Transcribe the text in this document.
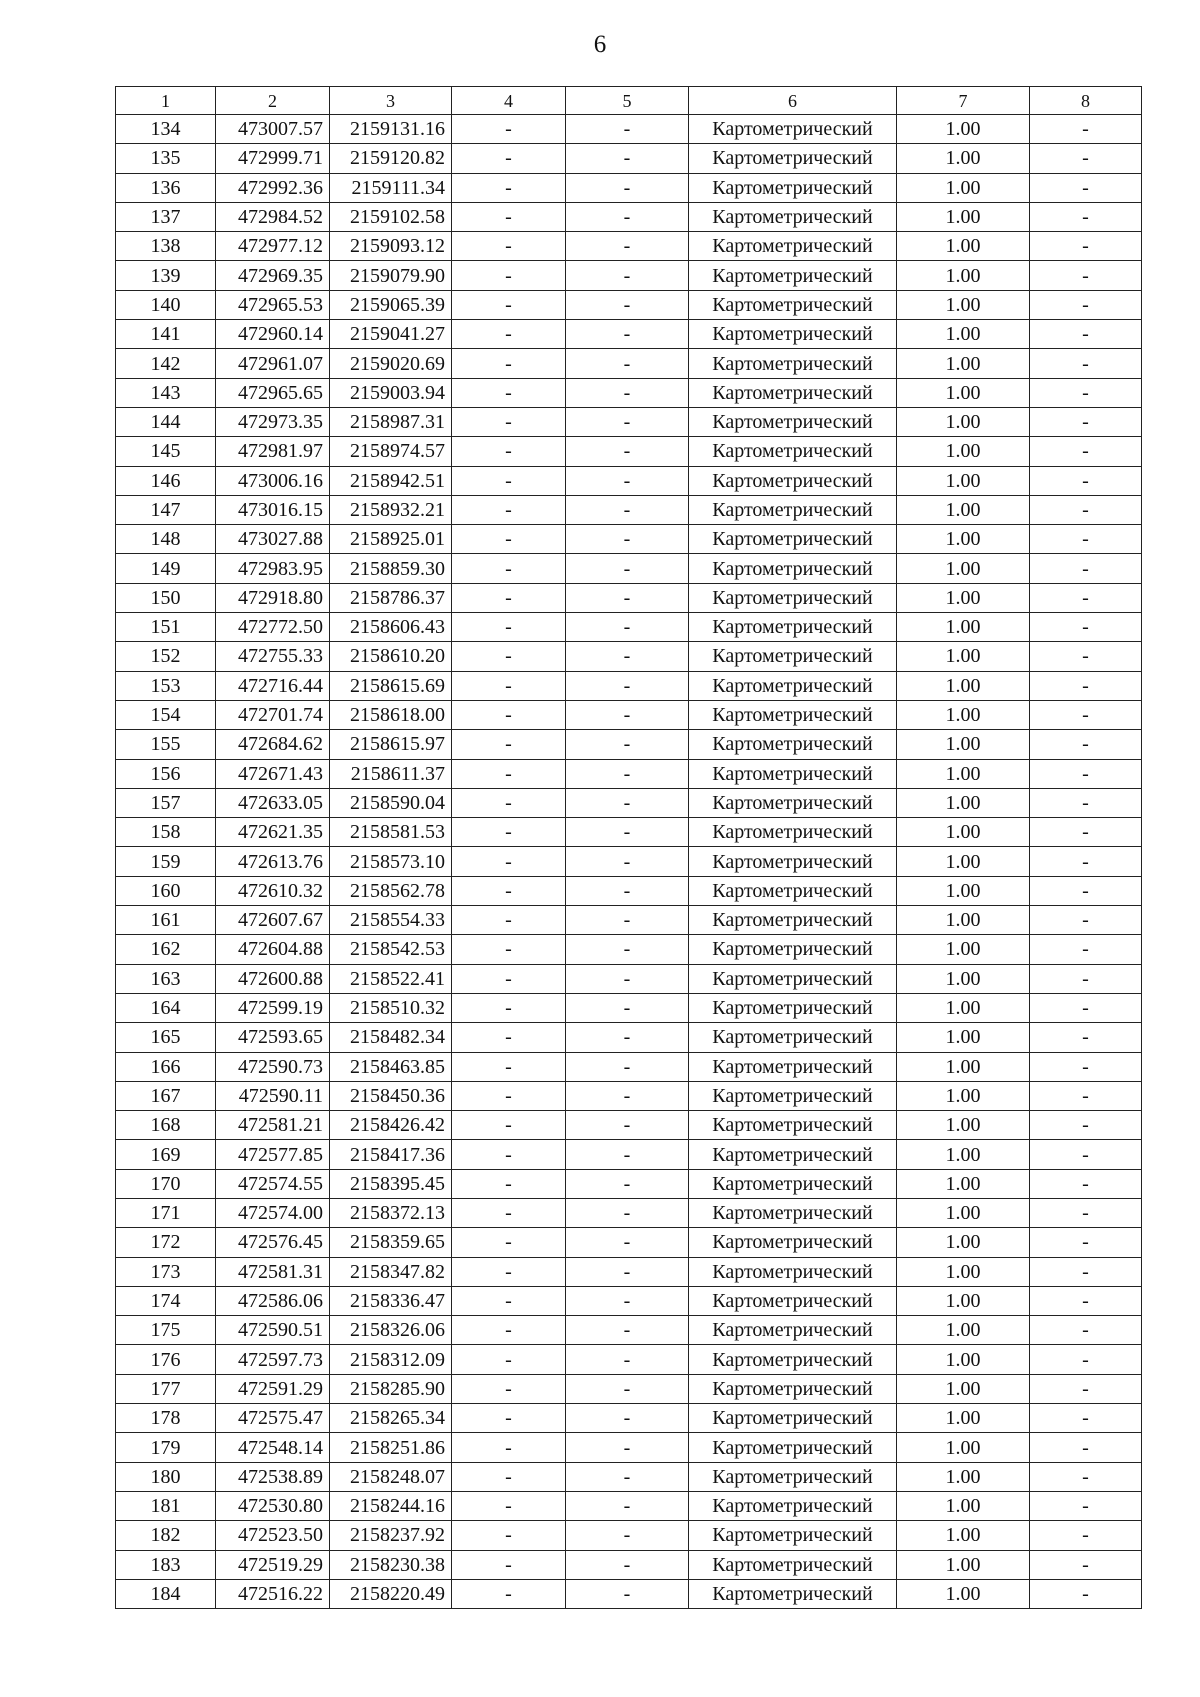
6
1	2	3	4	5	6	7	8
134	473007.57	2159131.16	-	-	Картометрический	1.00	-
135	472999.71	2159120.82	-	-	Картометрический	1.00	-
136	472992.36	2159111.34	-	-	Картометрический	1.00	-
137	472984.52	2159102.58	-	-	Картометрический	1.00	-
138	472977.12	2159093.12	-	-	Картометрический	1.00	-
139	472969.35	2159079.90	-	-	Картометрический	1.00	-
140	472965.53	2159065.39	-	-	Картометрический	1.00	-
141	472960.14	2159041.27	-	-	Картометрический	1.00	-
142	472961.07	2159020.69	-	-	Картометрический	1.00	-
143	472965.65	2159003.94	-	-	Картометрический	1.00	-
144	472973.35	2158987.31	-	-	Картометрический	1.00	-
145	472981.97	2158974.57	-	-	Картометрический	1.00	-
146	473006.16	2158942.51	-	-	Картометрический	1.00	-
147	473016.15	2158932.21	-	-	Картометрический	1.00	-
148	473027.88	2158925.01	-	-	Картометрический	1.00	-
149	472983.95	2158859.30	-	-	Картометрический	1.00	-
150	472918.80	2158786.37	-	-	Картометрический	1.00	-
151	472772.50	2158606.43	-	-	Картометрический	1.00	-
152	472755.33	2158610.20	-	-	Картометрический	1.00	-
153	472716.44	2158615.69	-	-	Картометрический	1.00	-
154	472701.74	2158618.00	-	-	Картометрический	1.00	-
155	472684.62	2158615.97	-	-	Картометрический	1.00	-
156	472671.43	2158611.37	-	-	Картометрический	1.00	-
157	472633.05	2158590.04	-	-	Картометрический	1.00	-
158	472621.35	2158581.53	-	-	Картометрический	1.00	-
159	472613.76	2158573.10	-	-	Картометрический	1.00	-
160	472610.32	2158562.78	-	-	Картометрический	1.00	-
161	472607.67	2158554.33	-	-	Картометрический	1.00	-
162	472604.88	2158542.53	-	-	Картометрический	1.00	-
163	472600.88	2158522.41	-	-	Картометрический	1.00	-
164	472599.19	2158510.32	-	-	Картометрический	1.00	-
165	472593.65	2158482.34	-	-	Картометрический	1.00	-
166	472590.73	2158463.85	-	-	Картометрический	1.00	-
167	472590.11	2158450.36	-	-	Картометрический	1.00	-
168	472581.21	2158426.42	-	-	Картометрический	1.00	-
169	472577.85	2158417.36	-	-	Картометрический	1.00	-
170	472574.55	2158395.45	-	-	Картометрический	1.00	-
171	472574.00	2158372.13	-	-	Картометрический	1.00	-
172	472576.45	2158359.65	-	-	Картометрический	1.00	-
173	472581.31	2158347.82	-	-	Картометрический	1.00	-
174	472586.06	2158336.47	-	-	Картометрический	1.00	-
175	472590.51	2158326.06	-	-	Картометрический	1.00	-
176	472597.73	2158312.09	-	-	Картометрический	1.00	-
177	472591.29	2158285.90	-	-	Картометрический	1.00	-
178	472575.47	2158265.34	-	-	Картометрический	1.00	-
179	472548.14	2158251.86	-	-	Картометрический	1.00	-
180	472538.89	2158248.07	-	-	Картометрический	1.00	-
181	472530.80	2158244.16	-	-	Картометрический	1.00	-
182	472523.50	2158237.92	-	-	Картометрический	1.00	-
183	472519.29	2158230.38	-	-	Картометрический	1.00	-
184	472516.22	2158220.49	-	-	Картометрический	1.00	-
